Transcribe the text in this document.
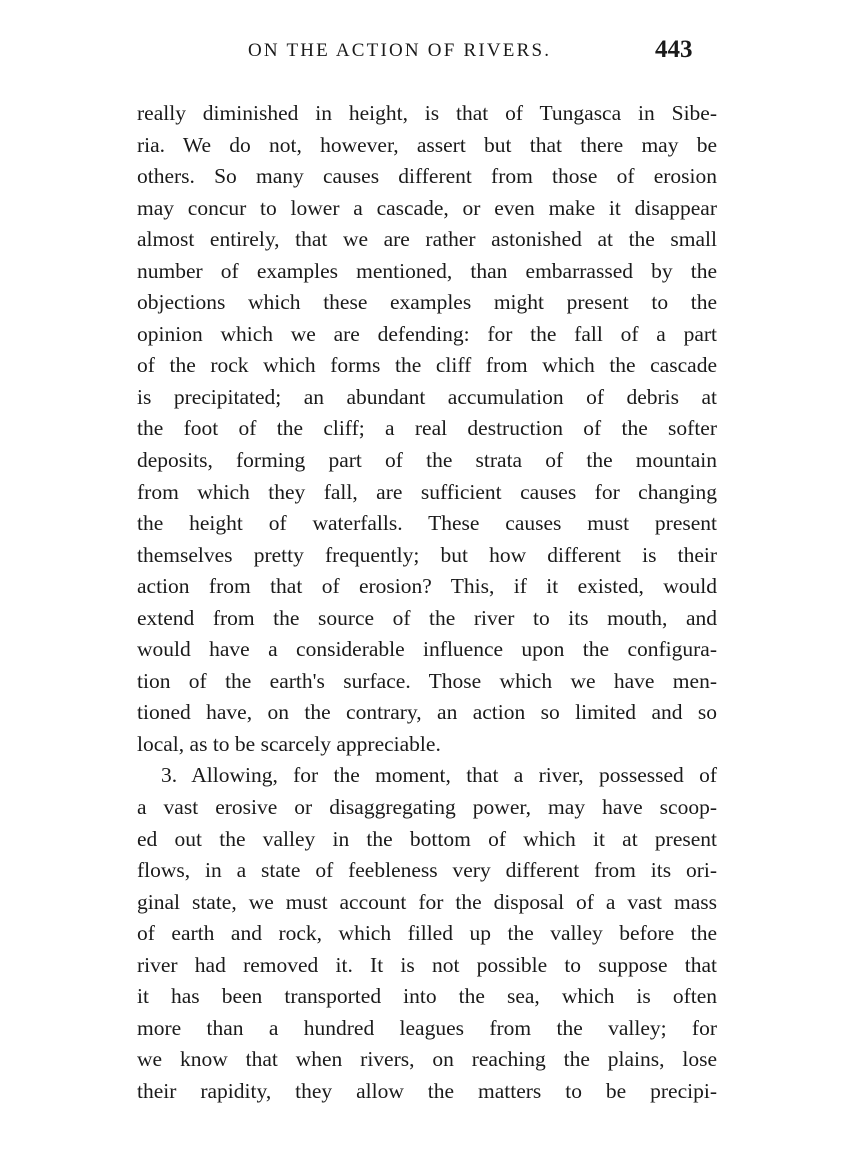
ON THE ACTION OF RIVERS.	443
really diminished in height, is that of Tungasca in Sibe-
ria. We do not, however, assert but that there may be
others. So many causes different from those of erosion
may concur to lower a cascade, or even make it disappear
almost entirely, that we are rather astonished at the small
number of examples mentioned, than embarrassed by the
objections which these examples might present to the
opinion which we are defending: for the fall of a part
of the rock which forms the cliff from which the cascade
is precipitated; an abundant accumulation of debris at
the foot of the cliff; a real destruction of the softer
deposits, forming part of the strata of the mountain
from which they fall, are sufficient causes for changing
the height of waterfalls. These causes must present
themselves pretty frequently; but how different is their
action from that of erosion? This, if it existed, would
extend from the source of the river to its mouth, and
would have a considerable influence upon the configura-
tion of the earth's surface. Those which we have men-
tioned have, on the contrary, an action so limited and so
local, as to be scarcely appreciable.
3. Allowing, for the moment, that a river, possessed of
a vast erosive or disaggregating power, may have scoop-
ed out the valley in the bottom of which it at present
flows, in a state of feebleness very different from its ori-
ginal state, we must account for the disposal of a vast mass
of earth and rock, which filled up the valley before the
river had removed it. It is not possible to suppose that
it has been transported into the sea, which is often
more than a hundred leagues from the valley; for
we know that when rivers, on reaching the plains, lose
their rapidity, they allow the matters to be precipi-
